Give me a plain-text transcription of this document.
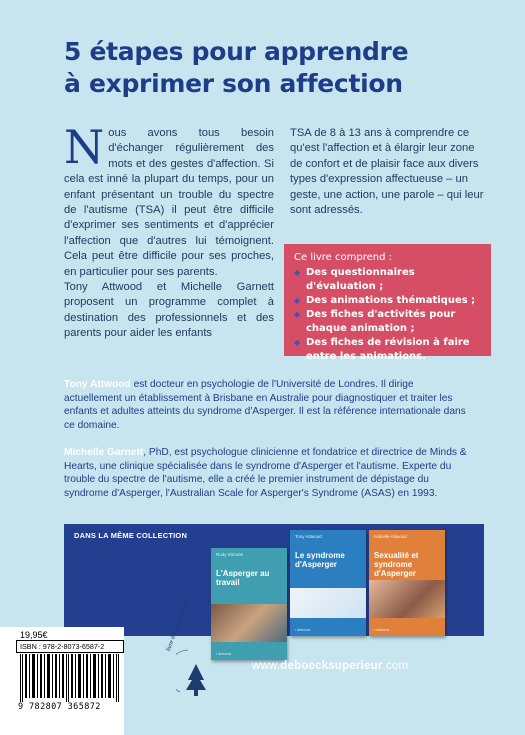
5 étapes pour apprendre
à exprimer son affection
Nous avons tous besoin d'échanger régulièrement des mots et des gestes d'affection. Si cela est inné la plupart du temps, pour un enfant présentant un trouble du spectre de l'autisme (TSA) il peut être difficile d'exprimer ses sentiments et d'apprécier l'affection que d'autres lui témoignent. Cela peut être difficile pour ses proches, en particulier pour ses parents.
Tony Attwood et Michelle Garnett proposent un programme complet à destination des professionnels et des parents pour aider les enfants
TSA de 8 à 13 ans à comprendre ce qu'est l'affection et à élargir leur zone de confort et de plaisir face aux divers types d'expression affectueuse – un geste, une action, une parole – qui leur sont adressés.
Ce livre comprend :
◆ Des questionnaires d'évaluation ;
◆ Des animations thématiques ;
◆ Des fiches d'activités pour chaque animation ;
◆ Des fiches de révision à faire entre les animations.
Tony Attwood est docteur en psychologie de l'Université de Londres. Il dirige actuellement un établissement à Brisbane en Australie pour diagnostiquer et traiter les enfants et adultes atteints du syndrome d'Asperger. Il est la référence internationale dans ce domaine.
Michelle Garnett, PhD, est psychologue clinicienne et fondatrice et directrice de Minds & Hearts, une clinique spécialisée dans le syndrome d'Asperger et l'autisme. Experte du trouble du spectre de l'autisme, elle a créé le premier instrument de dépistage du syndrome d'Asperger, l'Australian Scale for Asperger's Syndrome (ASAS) en 1993.
DANS LA MÊME COLLECTION
Rudy Simone
L'Asperger au travail
• deboeck
Tony Attwood
Le syndrome d'Asperger
• deboeck
Isabelle Attwood
Sexualité et syndrome d'Asperger
• deboeck
19,95€
ISBN : 978-2-8073-6587-2
9 782807 365872
livre écoresponsable
www.deboecksuperieur.com
